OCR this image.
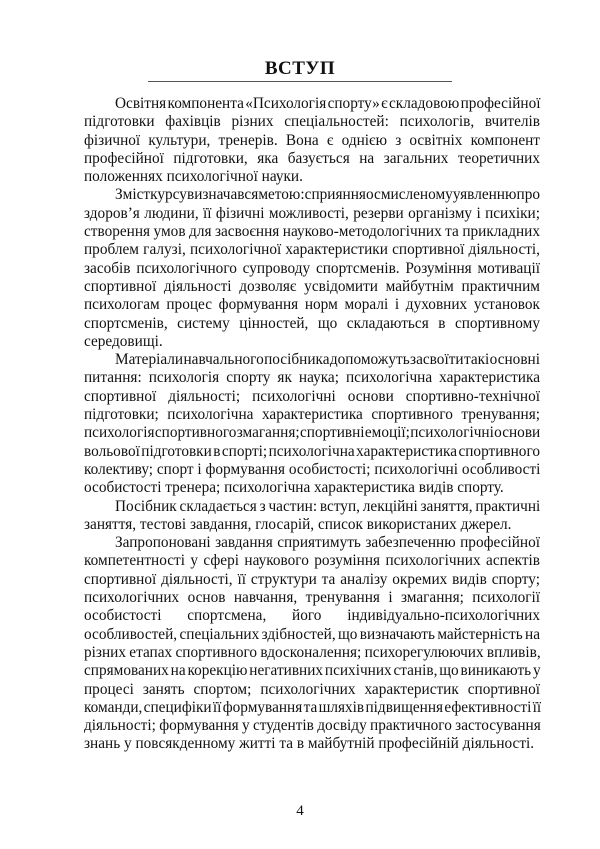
ВСТУП
Освітня компонента «Психологія спорту» є складовою професійної
підготовки фахівців різних спеціальностей: психологів, вчителів
фізичної культури, тренерів. Вона є однією з освітніх компонент
професійної підготовки, яка базується на загальних теоретичних
положеннях психологічної науки.
Зміст курсу визначався метою: сприяння осмисленому уявленню про
здоров’я людини, її фізичні можливості, резерви організму і психіки;
створення умов для засвоєння науково-методологічних та прикладних
проблем галузі, психологічної характеристики спортивної діяльності,
засобів психологічного супроводу спортсменів. Розуміння мотивації
спортивної діяльності дозволяє усвідомити майбутнім практичним
психологам процес формування норм моралі і духовних установок
спортсменів, систему цінностей, що складаються в спортивному
середовищі.
Матеріали навчального посібника допоможуть засвоїти такі основні
питання: психологія спорту як наука; психологічна характеристика
спортивної діяльності; психологічні основи спортивно-технічної
підготовки; психологічна характеристика спортивного тренування;
психологія спортивного змагання; спортивні емоції; психологічні основи
вольової підготовки в спорті; психологічна характеристика спортивного
колективу; спорт і формування особистості; психологічні особливості
особистості тренера; психологічна характеристика видів спорту.
Посібник складається з частин: вступ, лекційні заняття, практичні
заняття, тестові завдання, глосарій, список використаних джерел.
Запропоновані завдання сприятимуть забезпеченню професійної
компетентності у сфері наукового розуміння психологічних аспектів
спортивної діяльності, її структури та аналізу окремих видів спорту;
психологічних основ навчання, тренування і змагання; психології
особистості спортсмена, його індивідуально-психологічних
особливостей, спеціальних здібностей, що визначають майстерність на
різних етапах спортивного вдосконалення; психорегулюючих впливів,
спрямованих на корекцію негативних психічних станів, що виникають у
процесі занять спортом; психологічних характеристик спортивної
команди, специфіки її формування та шляхів підвищення ефективності її
діяльності; формування у студентів досвіду практичного застосування
знань у повсякденному житті та в майбутній професійній діяльності.
4
